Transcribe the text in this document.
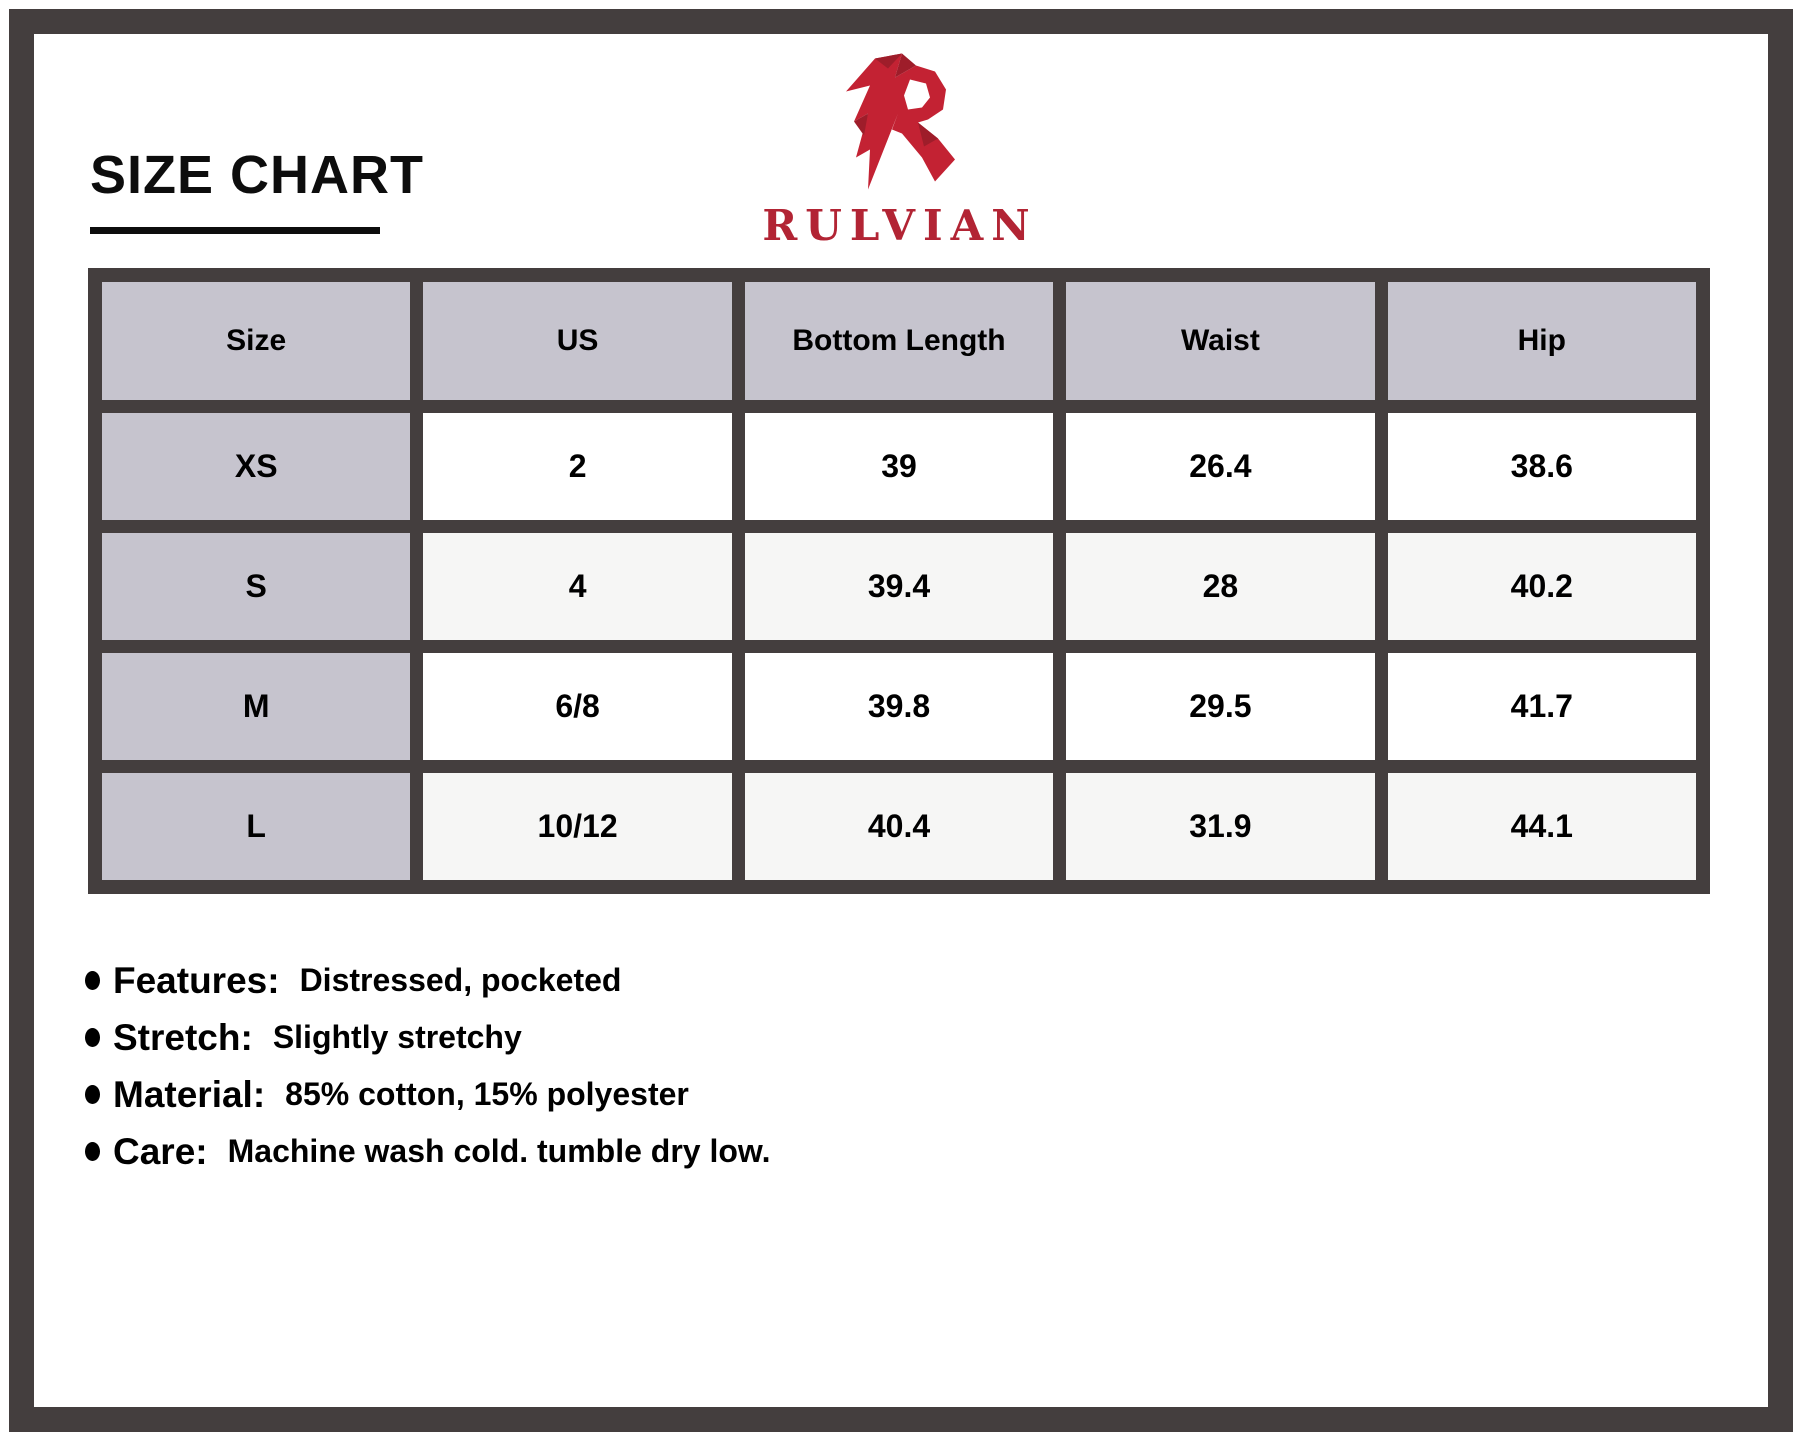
SIZE CHART
RULVIAN
Size	US	Bottom Length	Waist	Hip
XS	2	39	26.4	38.6
S	4	39.4	28	40.2
M	6/8	39.8	29.5	41.7
L	10/12	40.4	31.9	44.1
Features: Distressed, pocketed
Stretch: Slightly stretchy
Material: 85% cotton, 15% polyester
Care: Machine wash cold. tumble dry low.
